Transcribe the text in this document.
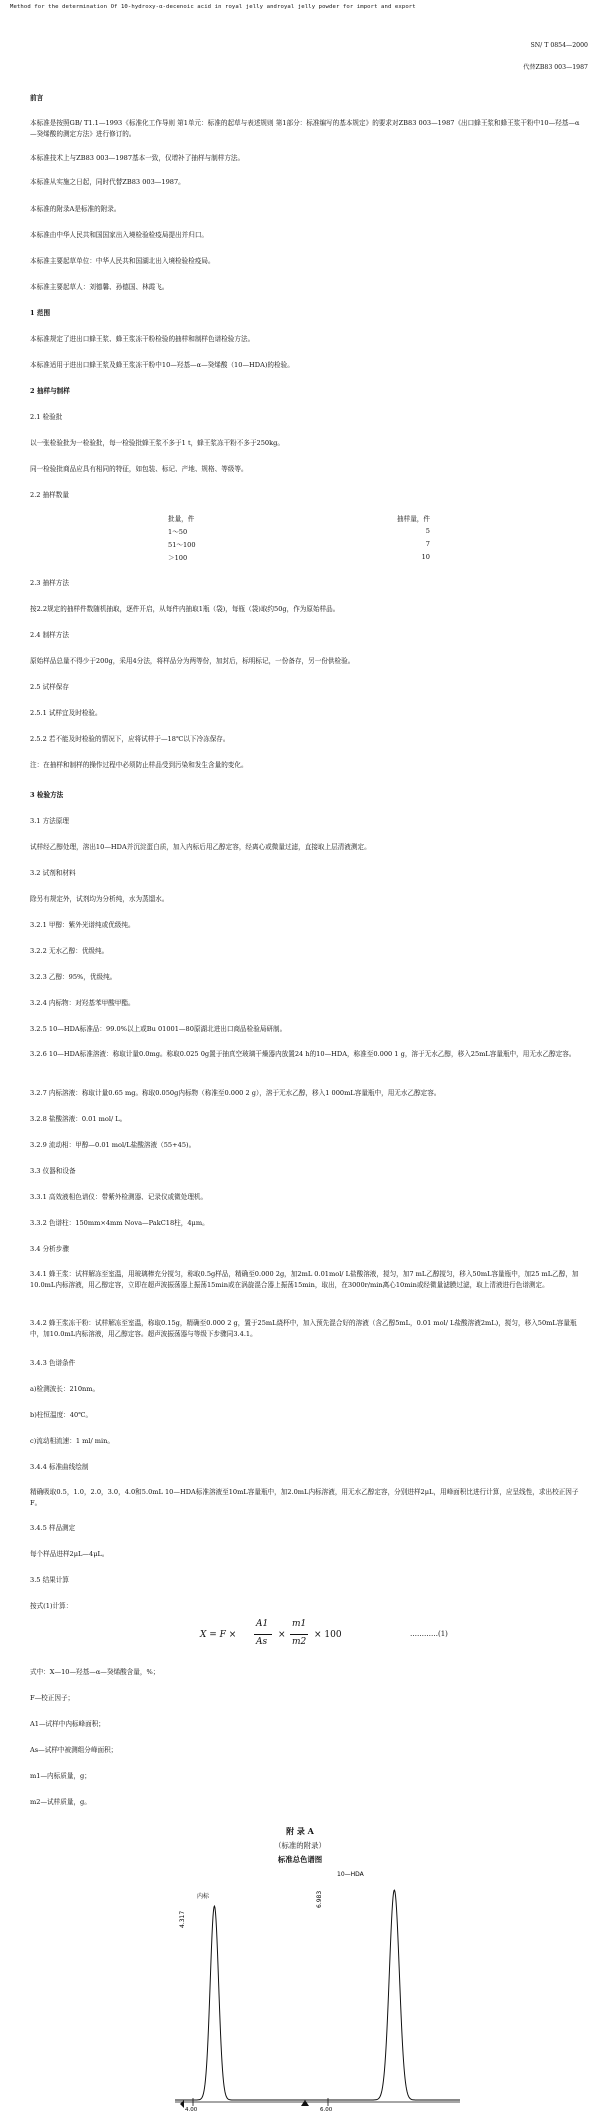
Method for the determination Of 10-hydroxy-α-decenoic acid in royal jelly androyal jelly powder for import and export
SN/ T 0854—2000
代替ZB83 003—1987
前言
本标准是按照GB/ T1.1—1993《标准化工作导则 第1单元：标准的起草与表述规则 第1部分：标准编写的基本规定》的要求对ZB83 003—1987《出口蜂王浆和蜂王浆干粉中10—羟基—α—癸烯酸的测定方法》进行修订的。
本标准技术上与ZB83 003—1987基本一致，仅增补了抽样与制样方法。
本标准从实施之日起，同时代替ZB83 003—1987。
本标准的附录A是标准的附录。
本标准由中华人民共和国国家出入境检验检疫局提出并归口。
本标准主要起草单位：中华人民共和国湖北出入境检验检疫局。
本标准主要起草人：刘德馨、孙德国、林霞飞。
1 范围
本标准规定了进出口蜂王浆、蜂王浆冻干粉检验的抽样和制样色谱检验方法。
本标准适用于进出口蜂王浆及蜂王浆冻干粉中10—羟基—α—癸烯酸（10—HDA)的检验。
2 抽样与制样
2.1 检验批
以一张检验批为一检验批，每一检验批蜂王浆不多于1 t，蜂王浆冻干粉不多于250kg。
同一检验批商品应具有相同的特征，如包装、标记、产地、规格、等级等。
2.2 抽样数量
批量，件	抽样量，件
1～50	5
51～100	7
＞100	10
2.3 抽样方法
按2.2规定的抽样件数随机抽取，逐件开启，从每件内抽取1瓶（袋)，每瓶（袋)取约50g，作为原始样品。
2.4 制样方法
原始样品总量不得少于200g，采用4分法，将样品分为两等份，加封后，标明标记，一份备存，另一份供检验。
2.5 试样保存
2.5.1 试样宜及时检验。
2.5.2 若不能及时检验的情况下，应将试样于—18℃以下冷冻保存。
注：在抽样和制样的操作过程中必须防止样品受到污染和发生含量的变化。
3 检验方法
3.1 方法原理
试样经乙醇处理，溶出10—HDA并沉淀蛋白质，加入内标后用乙醇定容，经离心或微量过滤，直接取上层清液测定。
3.2 试剂和材料
除另有规定外，试剂均为分析纯，水为蒸馏水。
3.2.1 甲醇：紫外光谱纯或优级纯。
3.2.2 无水乙醇：优级纯。
3.2.3 乙醇：95%，优级纯。
3.2.4 内标物：对羟基苯甲酸甲酯。
3.2.5 10—HDA标准品：99.0%以上或Bu 01001—80原湖北进出口商品检验局研制。
3.2.6 10—HDA标准溶液：称取计量0.0mg。称取0.025 0g置于抽真空玻璃干燥器内放置24 h的10—HDA，称准至0.000 1 g，溶于无水乙醇，移入25mL容量瓶中，用无水乙醇定容。
3.2.7 内标溶液：称取计量0.65 mg。称取0.050g内标物（称准至0.000 2 g），溶于无水乙醇，移入1 000mL容量瓶中，用无水乙醇定容。
3.2.8 盐酸溶液：0.01 mol/ L。
3.2.9 流动相：甲醇—0.01 mol/L盐酸溶液（55+45)。
3.3 仪器和设备
3.3.1 高效液相色谱仪：带紫外检测器、记录仪或微处理机。
3.3.2 色谱柱：150mm×4mm Nova—PakC18柱，4μm。
3.4 分析步骤
3.4.1 蜂王浆：试样解冻至室温，用玻璃棒充分搅匀，称取0.5g样品，精确至0.000 2g，加2mL 0.01mol/ L盐酸溶液，搅匀，加7 mL乙醇搅匀，移入50mL容量瓶中，加25 mL乙醇，加10.0mL内标溶液，用乙醇定容，立即在超声波振荡器上振荡15min或在涡旋混合器上振荡15min，取出，在3000r/min离心10min或经微量滤膜过滤，取上清液进行色谱测定。
3.4.2 蜂王浆冻干粉：试样解冻至室温，称取0.15g，精确至0.000 2 g，置于25mL烧杯中，加入预先混合好的溶液（含乙醇5mL，0.01 mol/ L盐酸溶液2mL)，搅匀，移入50mL容量瓶中，加10.0mL内标溶液，用乙醇定容。超声波振荡器与等级下步骤同3.4.1。
3.4.3 色谱条件
a)检测波长：210nm。
b)柱恒温度：40℃。
c)流动相流速：1 ml/ min。
3.4.4 标准曲线绘制
精确吸取0.5，1.0，2.0，3.0，4.0和5.0mL 10—HDA标准溶液至10mL容量瓶中，加2.0mL内标溶液，用无水乙醇定容，分别进样2μL，用峰面积比进行计算，应呈线性，求出校正因子F。
3.4.5 样品测定
每个样品进样2μL—4μL。
3.5 结果计算
按式(1)计算：
X = F ×
A1
As
×
m1
m2
× 100	…………(1)
式中：X—10—羟基—α—癸烯酸含量，%；
F—校正因子；
A1—试样中内标峰面积；
As—试样中被测组分峰面积；
m1—内标质量，g；
m2—试样质量，g。
附 录 A
（标准的附录）
标准总色谱图
内标
4.317
10—HDA
6.983
4.00	6.00
